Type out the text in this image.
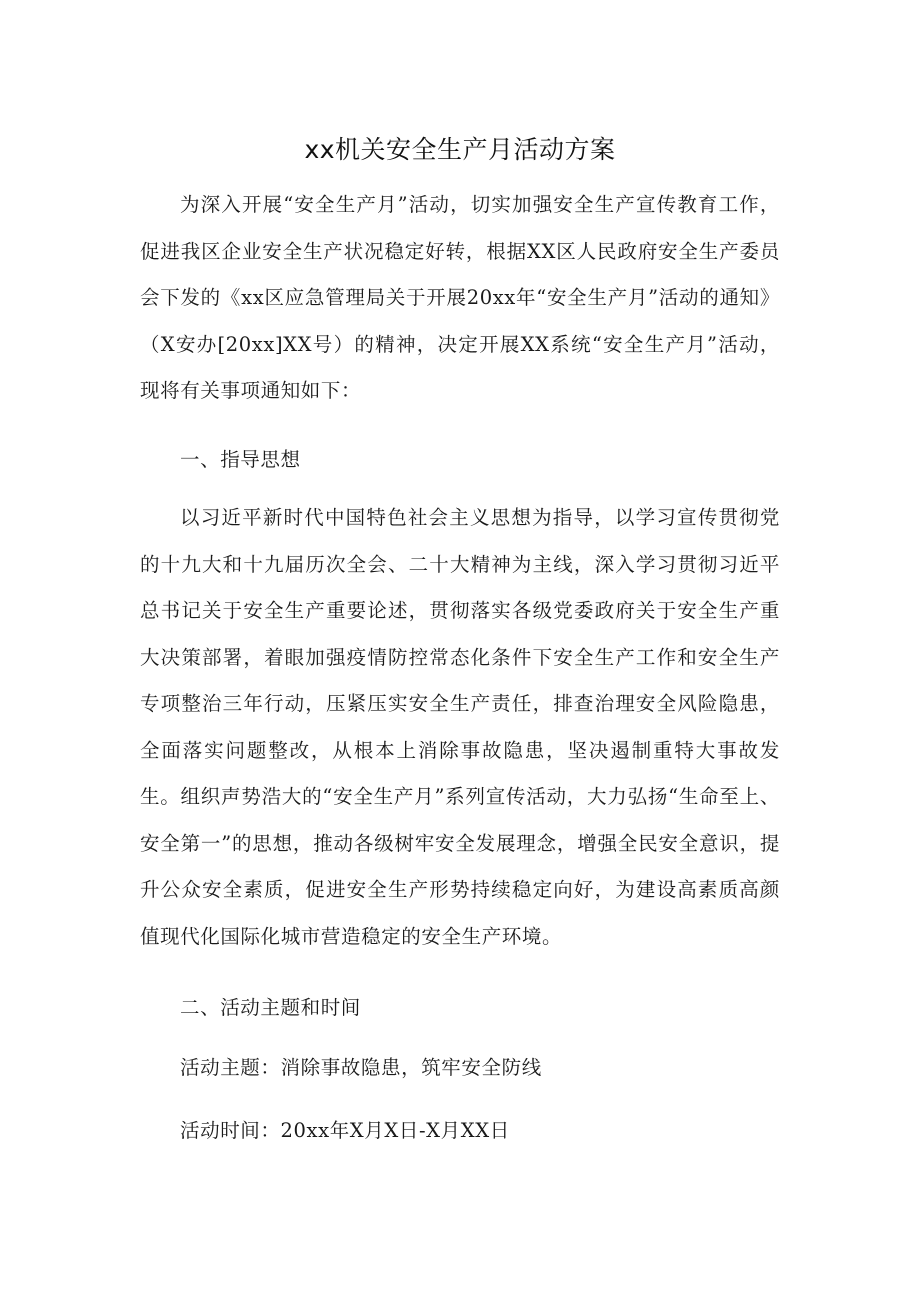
xx机关安全生产月活动方案

为深入开展“安全生产月”活动，切实加强安全生产宣传教育工作，促进我区企业安全生产状况稳定好转，根据XX区人民政府安全生产委员会下发的《xx区应急管理局关于开展20xx年“安全生产月”活动的通知》（X安办[20xx]XX号）的精神，决定开展XX系统“安全生产月”活动，现将有关事项通知如下：

一、指导思想

以习近平新时代中国特色社会主义思想为指导，以学习宣传贯彻党的十九大和十九届历次全会、二十大精神为主线，深入学习贯彻习近平总书记关于安全生产重要论述，贯彻落实各级党委政府关于安全生产重大决策部署，着眼加强疫情防控常态化条件下安全生产工作和安全生产专项整治三年行动，压紧压实安全生产责任，排查治理安全风险隐患，全面落实问题整改，从根本上消除事故隐患，坚决遏制重特大事故发生。组织声势浩大的“安全生产月”系列宣传活动，大力弘扬“生命至上、安全第一”的思想，推动各级树牢安全发展理念，增强全民安全意识，提升公众安全素质，促进安全生产形势持续稳定向好，为建设高素质高颜值现代化国际化城市营造稳定的安全生产环境。

二、活动主题和时间

活动主题：消除事故隐患，筑牢安全防线

活动时间：20xx年X月X日-X月XX日
